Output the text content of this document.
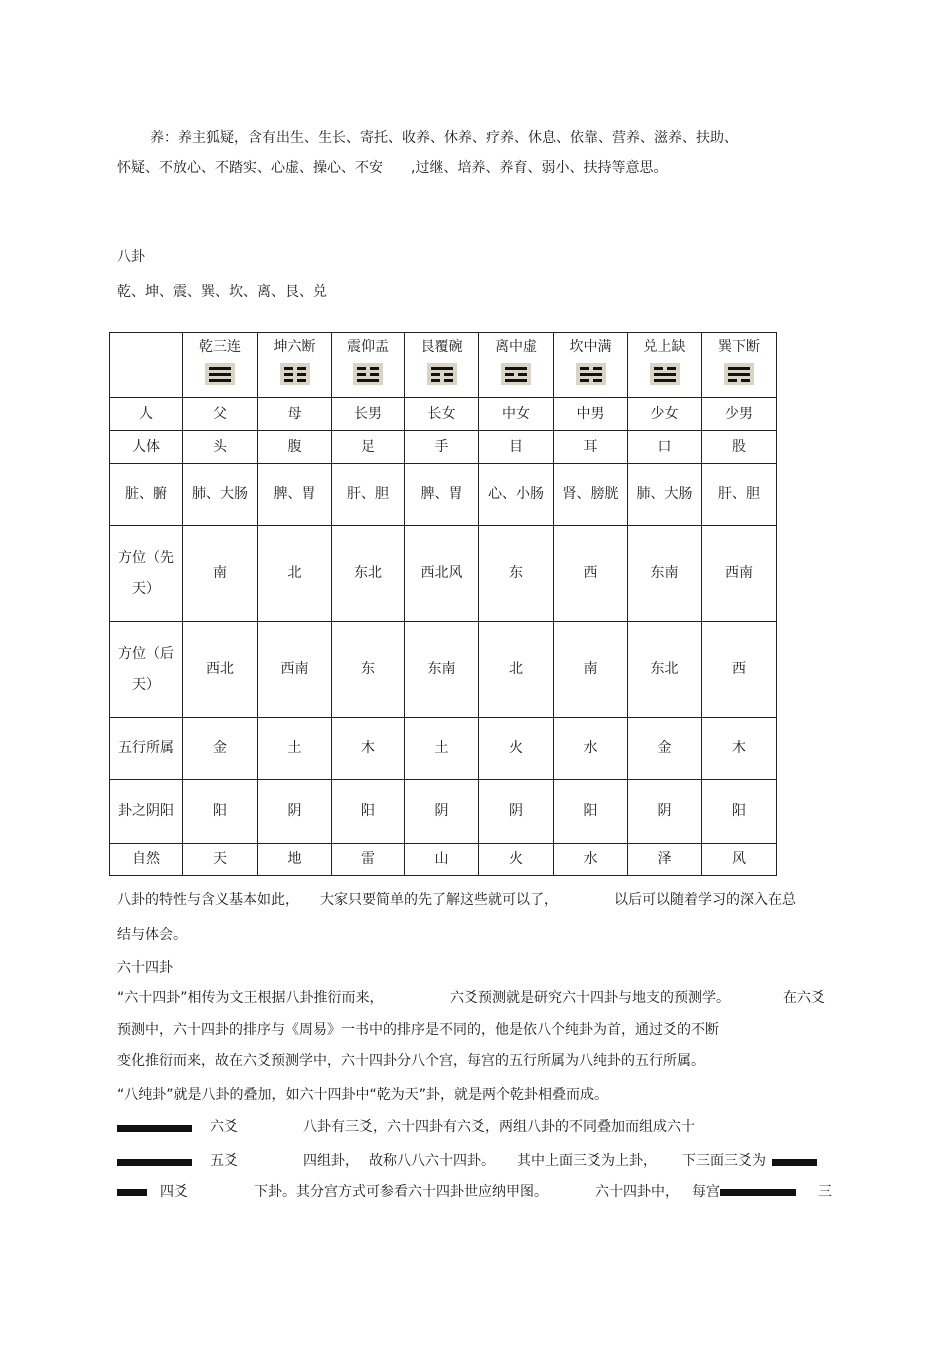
养：养主狐疑，含有出生、生长、寄托、收养、休养、疗养、休息、依靠、营养、滋养、扶助、
怀疑、不放心、不踏实、心虚、操心、不安　　,过继、培养、养育、弱小、扶持等意思。
八卦
乾、坤、震、巽、坎、离、艮、兑

	乾三连	坤六断	震仰盂	艮覆碗	离中虚	坎中满	兑上缺	巽下断

人	父	母	长男	长女	中女	中男	少女	少男
人体	头	腹	足	手	目	耳	口	股
脏、腑	肺、大肠	脾、胃	肝、胆	脾、胃	心、小肠	肾、膀胱	肺、大肠	肝、胆
方位（先天）	南	北	东北	西北风	东	西	东南	西南
方位（后天）	西北	西南	东	东南	北	南	东北	西
五行所属	金	土	木	土	火	水	金	木
卦之阴阳	阳	阴	阳	阴	阴	阳	阴	阳
自然	天	地	雷	山	火	水	泽	风
八卦的特性与含义基本如此， 大家只要简单的先了解这些就可以了，	以后可以随着学习的深入在总
结与体会。
六十四卦
“六十四卦”相传为文王根据八卦推衍而来，	六爻预测就是研究六十四卦与地支的预测学。	在六爻
预测中，六十四卦的排序与《周易》一书中的排序是不同的，他是依八个纯卦为首，通过爻的不断
变化推衍而来，故在六爻预测学中，六十四卦分八个宫，每宫的五行所属为八纯卦的五行所属。
“八纯卦”就是八卦的叠加，如六十四卦中“乾为天”卦，就是两个乾卦相叠而成。
六爻	八卦有三爻，六十四卦有六爻，两组八卦的不同叠加而组成六十
五爻	四组卦， 故称八八六十四卦。 其中上面三爻为上卦， 下三面三爻为
四爻	下卦。其分宫方式可参看六十四卦世应纳甲图。	六十四卦中， 每宫	三
